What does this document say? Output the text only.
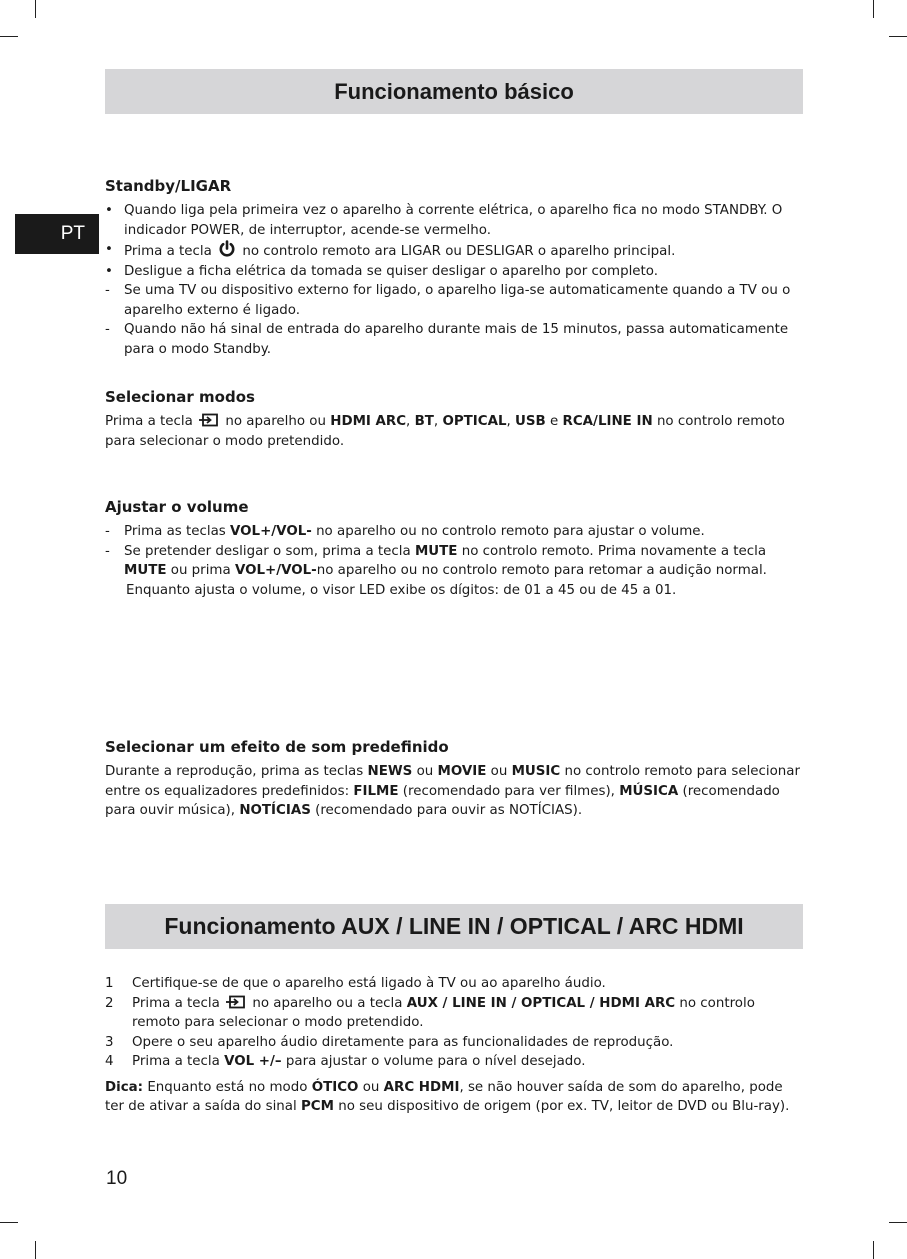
Funcionamento básico
PT
Standby/LIGAR
• Quando liga pela primeira vez o aparelho à corrente elétrica, o aparelho fica no modo STANDBY. O indicador POWER, de interruptor, acende-se vermelho.
• Prima a tecla no controlo remoto ara LIGAR ou DESLIGAR o aparelho principal.
• Desligue a ficha elétrica da tomada se quiser desligar o aparelho por completo.
- Se uma TV ou dispositivo externo for ligado, o aparelho liga-se automaticamente quando a TV ou o aparelho externo é ligado.
- Quando não há sinal de entrada do aparelho durante mais de 15 minutos, passa automaticamente para o modo Standby.
Selecionar modos

Prima a tecla no aparelho ou HDMI ARC, BT, OPTICAL, USB e RCA/LINE IN no controlo remoto para selecionar o modo pretendido.

Ajustar o volume
- Prima as teclas VOL+/VOL- no aparelho ou no controlo remoto para ajustar o volume.
- Se pretender desligar o som, prima a tecla MUTE no controlo remoto. Prima novamente a tecla MUTE ou prima VOL+/VOL-no aparelho ou no controlo remoto para retomar a audição normal.
Enquanto ajusta o volume, o visor LED exibe os dígitos: de 01 a 45 ou de 45 a 01.
Selecionar um efeito de som predefinido

Durante a reprodução, prima as teclas NEWS ou MOVIE ou MUSIC no controlo remoto para selecionar entre os equalizadores predefinidos: FILME (recomendado para ver filmes), MÚSICA (recomendado para ouvir música), NOTÍCIAS (recomendado para ouvir as NOTÍCIAS).

Funcionamento AUX / LINE IN / OPTICAL / ARC HDMI
1 Certifique-se de que o aparelho está ligado à TV ou ao aparelho áudio.
2 Prima a tecla no aparelho ou a tecla AUX / LINE IN / OPTICAL / HDMI ARC no controlo remoto para selecionar o modo pretendido.
3 Opere o seu aparelho áudio diretamente para as funcionalidades de reprodução.
4 Prima a tecla VOL +/– para ajustar o volume para o nível desejado.

Dica: Enquanto está no modo ÓTICO ou ARC HDMI, se não houver saída de som do aparelho, pode ter de ativar a saída do sinal PCM no seu dispositivo de origem (por ex. TV, leitor de DVD ou Blu-ray).

10
